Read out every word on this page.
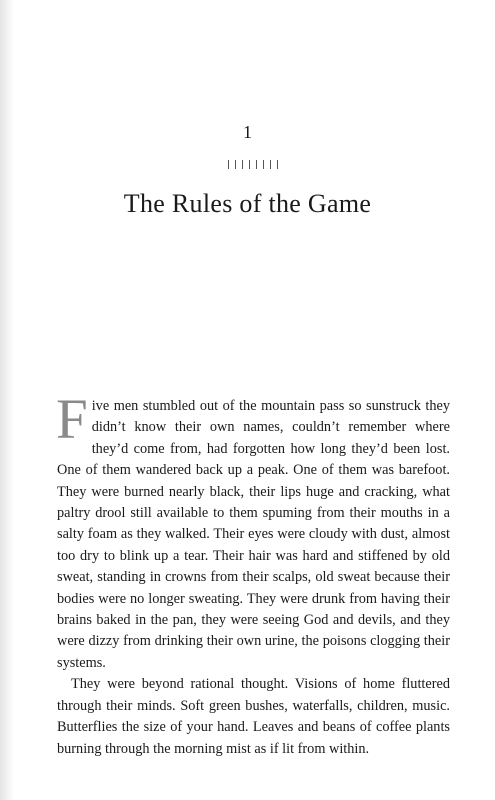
1
The Rules of the Game

Five men stumbled out of the mountain pass so sunstruck they didn’t know their own names, couldn’t remember where they’d come from, had forgotten how long they’d been lost. One of them wandered back up a peak. One of them was barefoot. They were burned nearly black, their lips huge and cracking, what paltry drool still available to them spuming from their mouths in a salty foam as they walked. Their eyes were cloudy with dust, almost too dry to blink up a tear. Their hair was hard and stiffened by old sweat, standing in crowns from their scalps, old sweat because their bodies were no longer sweating. They were drunk from having their brains baked in the pan, they were seeing God and devils, and they were dizzy from drinking their own urine, the poisons clogging their systems.

They were beyond rational thought. Visions of home fluttered through their minds. Soft green bushes, waterfalls, children, music. Butterflies the size of your hand. Leaves and beans of coffee plants burning through the morning mist as if lit from within.
